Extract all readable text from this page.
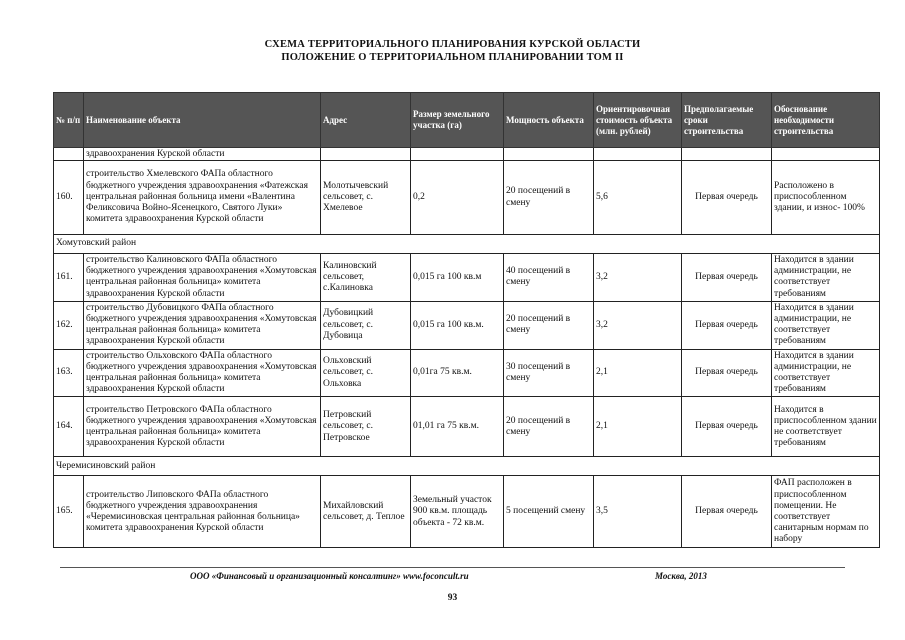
СХЕМА ТЕРРИТОРИАЛЬНОГО ПЛАНИРОВАНИЯ КУРСКОЙ ОБЛАСТИ
ПОЛОЖЕНИЕ О ТЕРРИТОРИАЛЬНОМ ПЛАНИРОВАНИИ ТОМ II
№ п/п	Наименование объекта	Адрес	Размер земельного участка (га)	Мощность объекта	Ориентировочная стоимость объекта (млн. рублей)	Предполагаемые сроки строительства	Обоснование необходимости строительства
	здравоохранения Курской области						
160.	строительство Хмелевского ФАПа областного бюджетного учреждения здравоохранения «Фатежская центральная районная больница имени «Валентина Феликсовича Войно-Ясенецкого, Святого Луки» комитета здравоохранения Курской области	Молотычевский сельсовет, с. Хмелевое	0,2	20 посещений в смену	5,6	Первая очередь	Расположено в приспособленном здании, и износ- 100%
Хомутовский район							
161.	строительство Калиновского ФАПа областного бюджетного учреждения здравоохранения «Хомутовская центральная районная больница» комитета здравоохранения Курской области	Калиновский сельсовет, с.Калиновка	0,015 га 100 кв.м	40 посещений в смену	3,2	Первая очередь	Находится в здании администрации, не соответствует требованиям
162.	строительство Дубовицкого ФАПа областного бюджетного учреждения здравоохранения «Хомутовская центральная районная больница» комитета здравоохранения Курской области	Дубовицкий сельсовет, с. Дубовица	0,015 га 100 кв.м.	20 посещений в смену	3,2	Первая очередь	Находится в здании администрации, не соответствует требованиям
163.	строительство Ольховского ФАПа областного бюджетного учреждения здравоохранения «Хомутовская центральная районная больница» комитета здравоохранения Курской области	Ольховский сельсовет, с. Ольховка	0,01га 75 кв.м.	30 посещений в смену	2,1	Первая очередь	Находится в здании администрации, не соответствует требованиям
164.	строительство Петровского ФАПа областного бюджетного учреждения здравоохранения «Хомутовская центральная районная больница» комитета здравоохранения Курской области	Петровский сельсовет, с. Петровское	01,01 га 75 кв.м.	20 посещений в смену	2,1	Первая очередь	Находится в приспособленном здании не соответствует требованиям
Черемисиновский район							
165.	строительство Липовского ФАПа областного бюджетного учреждения здравоохранения «Черемисиновская центральная районная больница» комитета здравоохранения Курской области	Михайловский сельсовет, д. Теплое	Земельный участок 900 кв.м. площадь объекта - 72 кв.м.	5 посещений смену	3,5	Первая очередь	ФАП расположен в приспособленном помещении. Не соответствует санитарным нормам по набору
ООО «Финансовый и организационный консалтинг» www.foconcult.ru	Москва, 2013
93
